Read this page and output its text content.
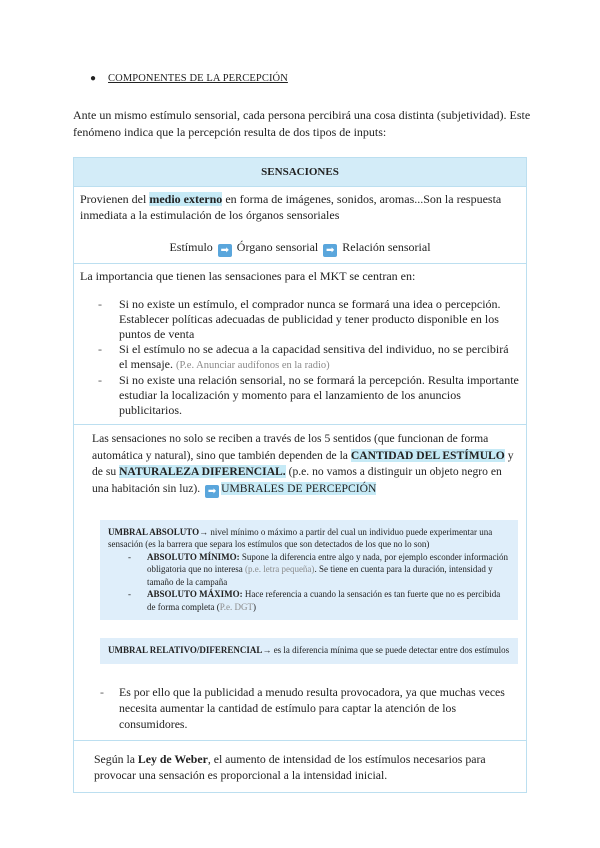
● COMPONENTES DE LA PERCEPCIÓN

Ante un mismo estímulo sensorial, cada persona percibirá una cosa distinta (subjetividad). Este fenómeno indica que la percepción resulta de dos tipos de inputs:

SENSACIONES

Provienen del medio externo en forma de imágenes, sonidos, aromas...Son la respuesta inmediata a la estimulación de los órganos sensoriales

Estímulo ➡ Órgano sensorial ➡ Relación sensorial

La importancia que tienen las sensaciones para el MKT se centran en:

- Si no existe un estímulo, el comprador nunca se formará una idea o percepción. Establecer políticas adecuadas de publicidad y tener producto disponible en los puntos de venta
- Si el estímulo no se adecua a la capacidad sensitiva del individuo, no se percibirá el mensaje. (P.e. Anunciar audífonos en la radio)
- Si no existe una relación sensorial, no se formará la percepción. Resulta importante estudiar la localización y momento para el lanzamiento de los anuncios publicitarios.

Las sensaciones no solo se reciben a través de los 5 sentidos (que funcionan de forma automática y natural), sino que también dependen de la CANTIDAD DEL ESTÍMULO y de su NATURALEZA DIFERENCIAL. (p.e. no vamos a distinguir un objeto negro en una habitación sin luz). ➡ UMBRALES DE PERCEPCIÓN

UMBRAL ABSOLUTO→ nivel mínimo o máximo a partir del cual un individuo puede experimentar una sensación (es la barrera que separa los estímulos que son detectados de los que no lo son)

- ABSOLUTO MÍNIMO: Supone la diferencia entre algo y nada, por ejemplo esconder información obligatoria que no interesa (p.e. letra pequeña). Se tiene en cuenta para la duración, intensidad y tamaño de la campaña
- ABSOLUTO MÁXIMO: Hace referencia a cuando la sensación es tan fuerte que no es percibida de forma completa (P.e. DGT)

UMBRAL RELATIVO/DIFERENCIAL→ es la diferencia mínima que se puede detectar entre dos estímulos

- Es por ello que la publicidad a menudo resulta provocadora, ya que muchas veces necesita aumentar la cantidad de estímulo para captar la atención de los consumidores.

Según la Ley de Weber, el aumento de intensidad de los estímulos necesarios para provocar una sensación es proporcional a la intensidad inicial.
